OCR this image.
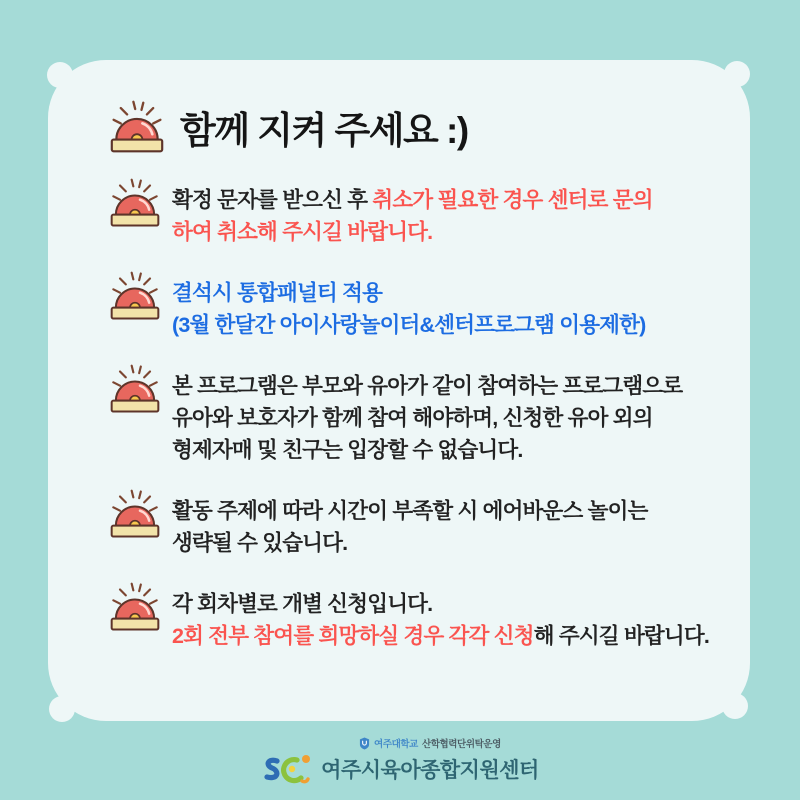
함께 지켜 주세요 :)
확정 문자를 받으신 후 취소가 필요한 경우 센터로 문의
하여 취소해 주시길 바랍니다.
결석시 통합패널티 적용
(3월 한달간 아이사랑놀이터&센터프로그램 이용제한)
본 프로그램은 부모와 유아가 같이 참여하는 프로그램으로
유아와 보호자가 함께 참여 해야하며, 신청한 유아 외의
형제자매 및 친구는 입장할 수 없습니다.
활동 주제에 따라 시간이 부족할 시 에어바운스 놀이는
생략될 수 있습니다.
각 회차별로 개별 신청입니다.
2회 전부 참여를 희망하실 경우 각각 신청해 주시길 바랍니다.
여주대학교 산학협력단위탁운영
여주시육아종합지원센터
